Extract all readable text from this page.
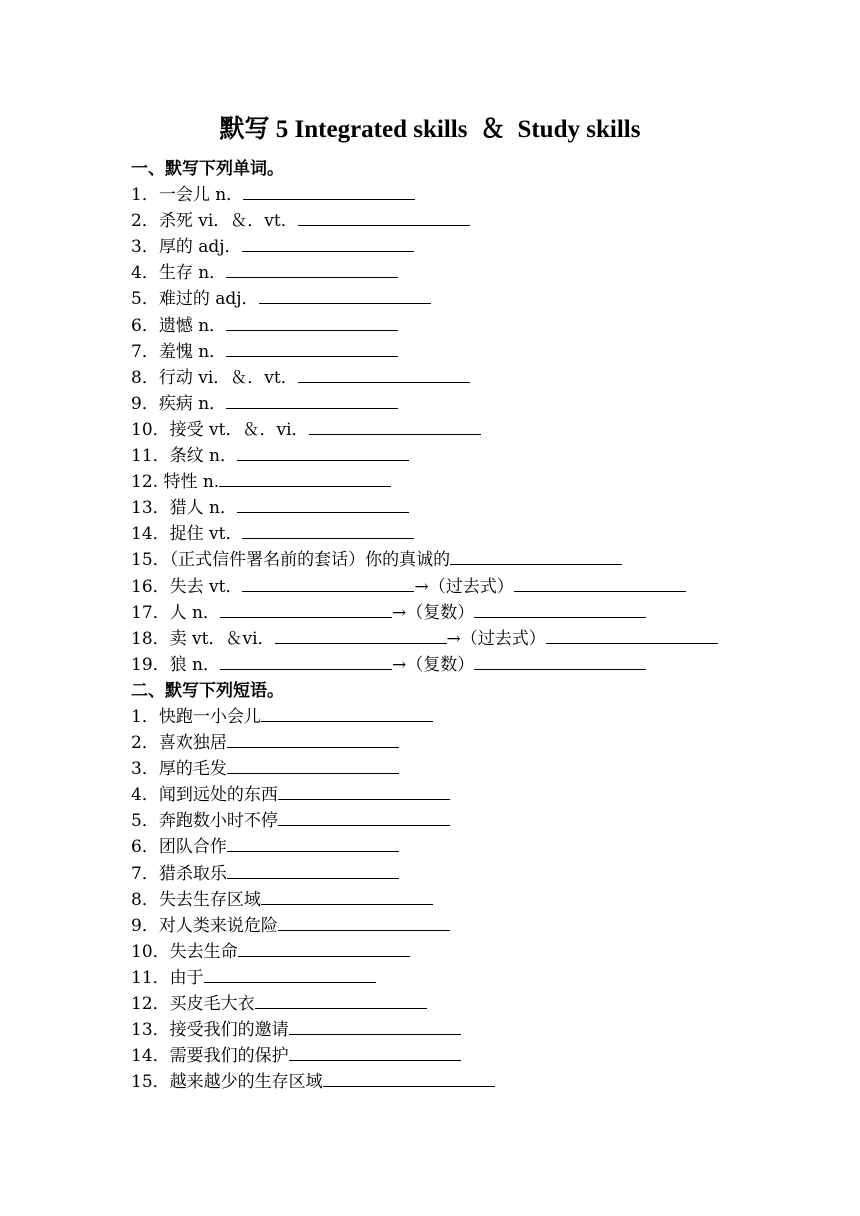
默写 5 Integrated skills  ＆  Study skills
一、默写下列单词。
1．一会儿 n．
2．杀死 vi．＆．vt．
3．厚的 adj．
4．生存 n．
5．难过的 adj．
6．遗憾 n．
7．羞愧 n．
8．行动 vi．＆．vt．
9．疾病 n．
10．接受 vt．＆．vi．
11．条纹 n．
12. 特性 n.
13．猎人 n．
14．捉住 vt．
15．（正式信件署名前的套话）你的真诚的
16．失去 vt．	→（过去式）
17．人 n．	→（复数）
18．卖 vt．＆vi．	→（过去式）
19．狼 n．	→（复数）
二、默写下列短语。
1．快跑一小会儿
2．喜欢独居
3．厚的毛发
4．闻到远处的东西
5．奔跑数小时不停
6．团队合作
7．猎杀取乐
8．失去生存区域
9．对人类来说危险
10．失去生命
11．由于
12．买皮毛大衣
13．接受我们的邀请
14．需要我们的保护
15．越来越少的生存区域
